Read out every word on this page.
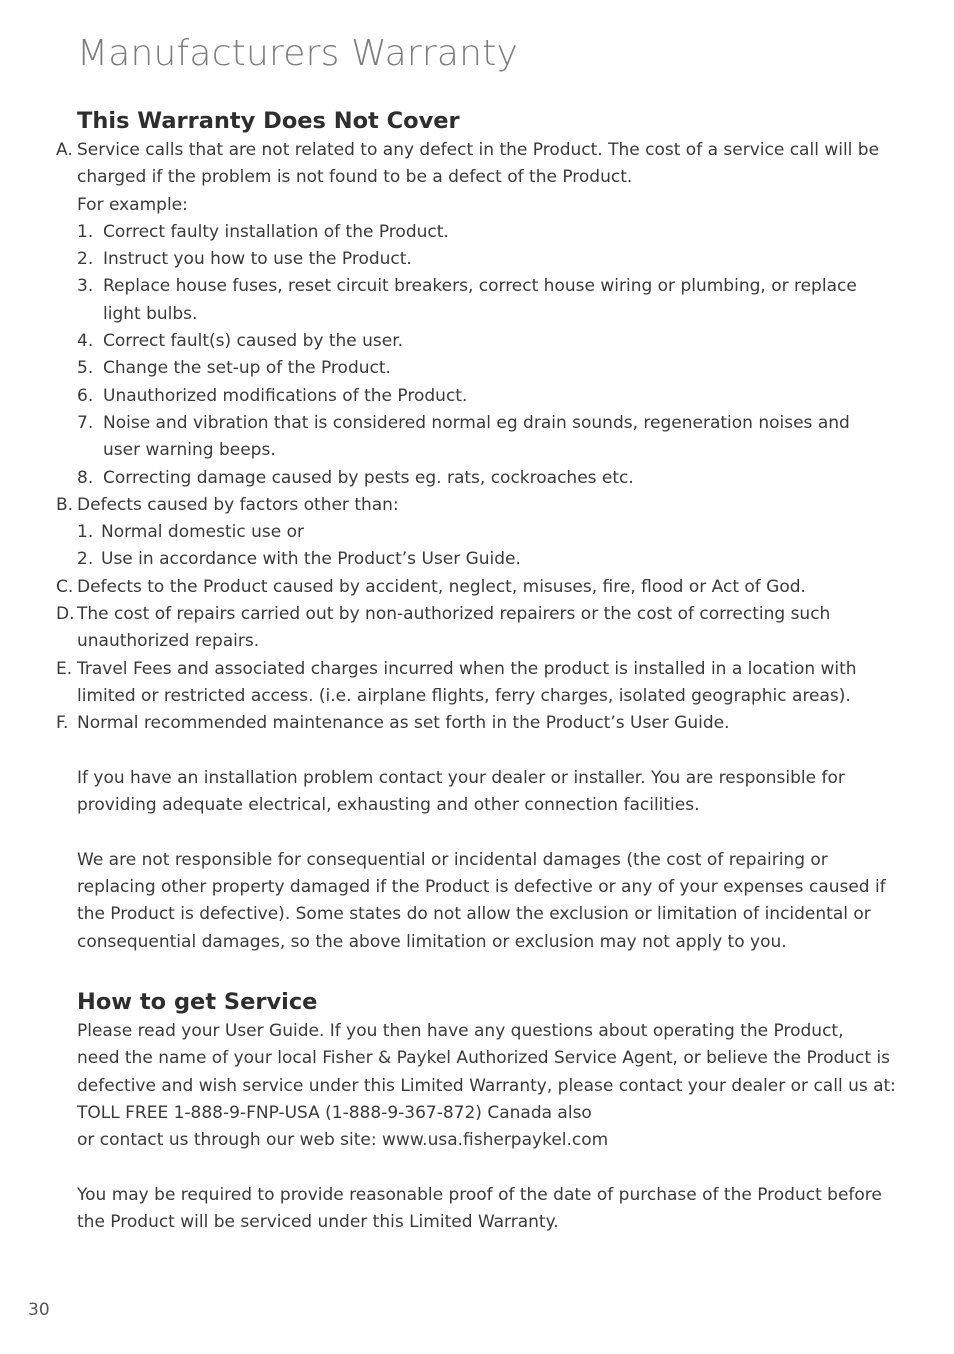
Manufacturers Warranty
This Warranty Does Not Cover
A. Service calls that are not related to any defect in the Product. The cost of a service call will be
charged if the problem is not found to be a defect of the Product.
For example:
1. Correct faulty installation of the Product.
2. Instruct you how to use the Product.
3. Replace house fuses, reset circuit breakers, correct house wiring or plumbing, or replace
light bulbs.
4. Correct fault(s) caused by the user.
5. Change the set-up of the Product.
6. Unauthorized modifications of the Product.
7. Noise and vibration that is considered normal eg drain sounds, regeneration noises and
user warning beeps.
8. Correcting damage caused by pests eg. rats, cockroaches etc.
B. Defects caused by factors other than:
1. Normal domestic use or
2. Use in accordance with the Product’s User Guide.
C. Defects to the Product caused by accident, neglect, misuses, fire, flood or Act of God.
D. The cost of repairs carried out by non-authorized repairers or the cost of correcting such
unauthorized repairs.
E. Travel Fees and associated charges incurred when the product is installed in a location with
limited or restricted access. (i.e. airplane flights, ferry charges, isolated geographic areas).
F. Normal recommended maintenance as set forth in the Product’s User Guide.
If you have an installation problem contact your dealer or installer. You are responsible for
providing adequate electrical, exhausting and other connection facilities.
We are not responsible for consequential or incidental damages (the cost of repairing or
replacing other property damaged if the Product is defective or any of your expenses caused if
the Product is defective). Some states do not allow the exclusion or limitation of incidental or
consequential damages, so the above limitation or exclusion may not apply to you.
How to get Service
Please read your User Guide. If you then have any questions about operating the Product,
need the name of your local Fisher & Paykel Authorized Service Agent, or believe the Product is
defective and wish service under this Limited Warranty, please contact your dealer or call us at:
TOLL FREE 1-888-9-FNP-USA (1-888-9-367-872) Canada also
or contact us through our web site: www.usa.fisherpaykel.com
You may be required to provide reasonable proof of the date of purchase of the Product before
the Product will be serviced under this Limited Warranty.
30
